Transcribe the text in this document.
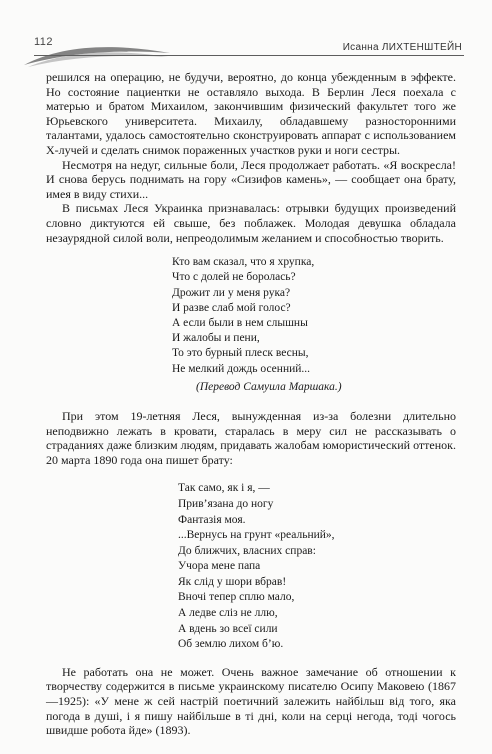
112	Исанна ЛИХТЕНШТЕЙН

решился на операцию, не будучи, вероятно, до конца убежденным в эффекте. Но состояние пациентки не оставляло выхода. В Берлин Леся поехала с матерью и братом Михаилом, закончившим физический факультет того же Юрьевского университета. Михаилу, обладавшему разносторонними талантами, удалось самостоятельно сконструировать аппарат с использованием X-лучей и сделать снимок пораженных участков руки и ноги сестры.

Несмотря на недуг, сильные боли, Леся продолжает работать. «Я воскресла! И снова берусь поднимать на гору «Сизифов камень», — сообщает она брату, имея в виду стихи...

В письмах Леся Украинка признавалась: отрывки будущих произведений словно диктуются ей свыше, без поблажек. Молодая девушка обладала незаурядной силой воли, непреодолимым желанием и способностью творить.

Кто вам сказал, что я хрупка,
Что с долей не боролась?
Дрожит ли у меня рука?
И разве слаб мой голос?
А если были в нем слышны
И жалобы и пени,
То это бурный плеск весны,
Не мелкий дождь осенний...
(Перевод Самуила Маршака.)

При этом 19-летняя Леся, вынужденная из-за болезни длительно неподвижно лежать в кровати, старалась в меру сил не рассказывать о страданиях даже близким людям, придавать жалобам юмористический оттенок. 20 марта 1890 года она пишет брату:

Так само, як і я, —
Прив’язана до ногу
Фантазія моя.
...Вернусь на грунт «реальний»,
До ближчих, власних справ:
Учора мене папа
Як слід у шори вбрав!
Вночі тепер сплю мало,
А ледве сліз не ллю,
А вдень зо всеї сили
Об землю лихом б’ю.

Не работать она не может. Очень важное замечание об отношении к творчеству содержится в письме украинскому писателю Осипу Маковею (1867—1925): «У мене ж сей настрій поетичний залежить найбільш від того, яка погода в душі, і я пишу найбільше в ті дні, коли на серці негода, тоді чогось швидше робота йде» (1893).
